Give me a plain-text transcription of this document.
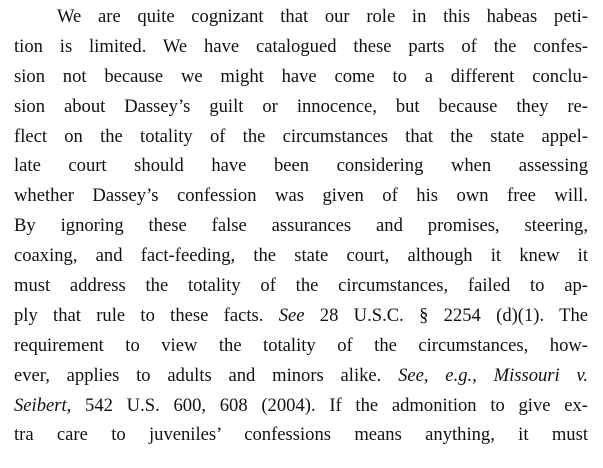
We are quite cognizant that our role in this habeas peti-
tion is limited. We have catalogued these parts of the confes-
sion not because we might have come to a different conclu-
sion about Dassey’s guilt or innocence, but because they re-
flect on the totality of the circumstances that the state appel-
late court should have been considering when assessing
whether Dassey’s confession was given of his own free will.
By ignoring these false assurances and promises, steering,
coaxing, and fact-feeding, the state court, although it knew it
must address the totality of the circumstances, failed to ap-
ply that rule to these facts. See 28 U.S.C. § 2254 (d)(1). The
requirement to view the totality of the circumstances, how-
ever, applies to adults and minors alike. See, e.g., Missouri v.
Seibert, 542 U.S. 600, 608 (2004). If the admonition to give ex-
tra care to juveniles’ confessions means anything, it must
